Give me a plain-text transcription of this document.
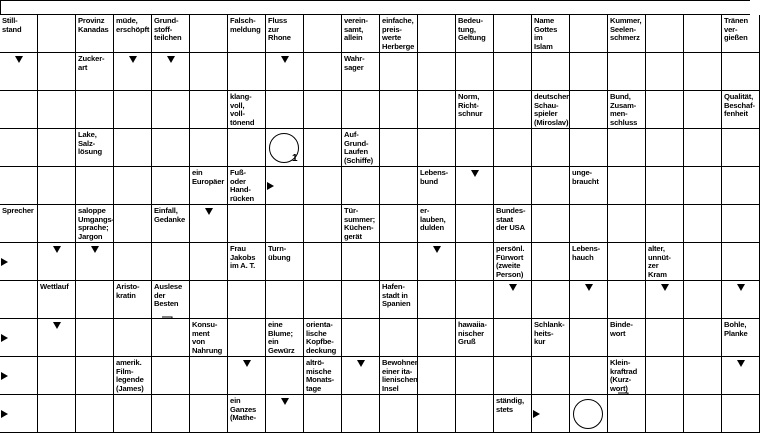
Still-
stand
Provinz
Kanadas
müde,
erschöpft
Grund-
stoff-
teilchen
Falsch-
meldung
Fluss
zur
Rhone
verein-
samt,
allein
einfache,
preis-
werte
Herberge
Bedeu-
tung,
Geltung
Name
Gottes
im
Islam
Kummer,
Seelen-
schmerz
Tränen
ver-
gießen
Zucker-
art
Wahr-
sager
klang-
voll,
voll-
tönend
Norm,
Richt-
schnur
deutscher
Schau-
spieler
(Miroslav)
Bund,
Zusam-
men-
schluss
Qualität,
Beschaf-
fenheit
Lake,
Salz-
lösung
Auf-
Grund-
Laufen
(Schiffe)
ein
Europäer
Fuß-
oder
Hand-
rücken
Lebens-
bund
unge-
braucht
Sprecher	saloppe
Umgangs-
sprache;
Jargon
Einfall,
Gedanke
Tür-
summer;
Küchen-
gerät
er-
lauben,
dulden
Bundes-
staat
der USA
Frau
Jakobs
im A. T.
Turn-
übung
persönl.
Fürwort
(zweite
Person)
Lebens-
hauch
alter,
unnüt-
zer
Kram
Wettlauf	Aristo-
kratin
Auslese
der
Besten
Hafen-
stadt in
Spanien
Konsu-
ment
von
Nahrung
eine
Blume;
ein
Gewürz
orienta-
lische
Kopfbe-
deckung
hawaiia-
nischer
Gruß
Schlank-
heits-
kur
Binde-
wort
Bohle,
Planke
amerik.
Film-
legende
(James)
altrö-
mische
Monats-
tage
Bewohner
einer ita-
lienischen
Insel
Klein-
kraftrad
(Kurz-
wort)
ein
Ganzes
(Mathe-
ständig,
stets
1
